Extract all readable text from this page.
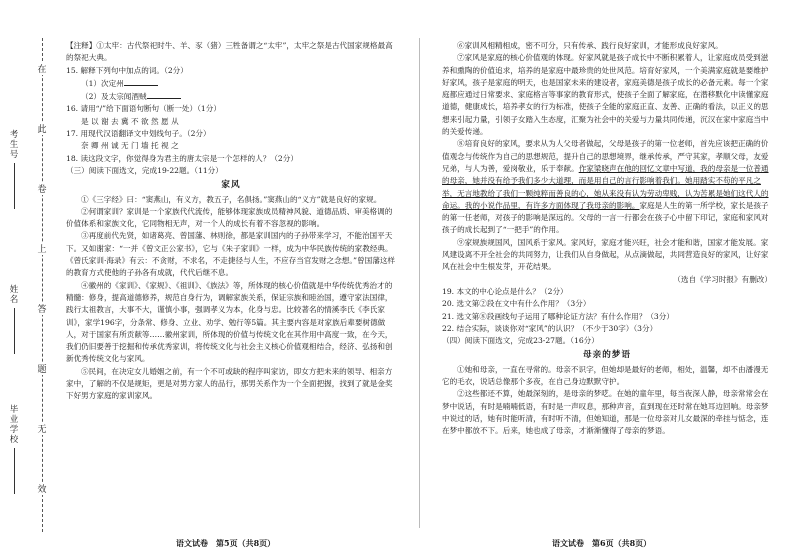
在
此
卷
上
答
题
无
效
考生号
姓名
毕业学校

【注释】①太牢：古代祭祀时牛、羊、豕（猪）三牲备谓之“太牢”，太牢之祭是古代国家规格最高的祭祀大典。

15. 解释下列句中加点的词。（2分）

（1）次定州

（2）及太宗闻酒贼

16. 请用“/”给下面语句断句（断一处）（1分）

是 以 谢 去 冀 不 欲 然 愿 从

17. 用现代汉语翻译文中划线句子。（2分）

奈 卿 州 诚 无 门 墙 托 视 之

18. 读这段文字，你觉得身为君主的唐太宗是一个怎样的人？（2分）

（三）阅读下面选文，完成19-22题。（11分）

家风

①《三字经》曰：“窦燕山，有义方，教五子，名俱扬。”窦燕山的“义方”就是良好的家规。

②何谓家训？家训是一个家族代代流传，能够体现家族成员精神风貌、道德品质、审美格调的价值体系和家族文化，它同物相无声，对一个人的成长有着不容忽视的影响。

③再度前代先贤，如诸葛亮、曾国藩、林则徐，都是家训国内的子孙带来学习，不能治国平天下。又如谢家：“一并《曾文正公家书》，它与《朱子家训》一样，成为中华民族传统的家教经典。《曾氏家训·海录》有云：不贪财，不求名，不走捷径与人生，不应存当官发财之念想。”曾国藩这样的教育方式使他的子孙各有成就，代代后继不息。

④徽州的《家训》、《家规》、《祖训》、《族法》等，所体现的核心价值就是中华传统优秀治才的精髓：修身，提高道德修养，规范自身行为，调解家族关系，保证宗族和睦治国，遵守家法国律，践行太祖教言，大事不大，谨慎小事，强调孝义为本，化身与忠。比较著名的情溪李氏《李氏家训》，家学196字，分条常、修身、立业、劝学、勉行等5篇。其主要内容是对家族后辈要树德做人，对于国家有所贡献等……徽州家训，所体现的价值与传统文化在其作用中高度一致，在今天，我们仍旧要善于挖掘和传承优秀家训，将传统文化与社会主义核心价值观相结合，经济、弘扬和创新优秀传统文化与家风。

⑤民间，在决定女儿婚姻之前，有一个不可或缺的程序叫家访，即女方把未来的领导、相亲方家中，了解的不仅是规矩，更是对男方家人的品行，那男关系作为一个全面把握，找到了就是金奖下好男方家庭的家训家风。

⑥家训风相精相成，密不可分，只有传承、践行良好家训，才能形成良好家风。

⑦家风是家庭的核心价值观的体现。好家风就是孩子成长中不断积累着人，让家庭成员受到滋养和熏陶的价值追求，培养的是家庭中最珍贵的处世风范。培育好家风，一个美满家庭就是要维护好家风，孩子是家庭的明天，也是国家未来的建设者，家庭美德是孩子成长的必备元素。每一个家庭都应通过日常要求、家庭格言等事家的教育形式，使孩子全面了解家庭，在潜移默化中读懂家庭道德，健康成长，培养孝女的行为标准，使孩子全能的家庭正直、友善、正确的看法，以正义的思想来引起力量，引领子女踏入生态度，汇聚为社会中的关爱与力量共同传递，沉汉在家中家庭当中的关爱传递。

⑧培育良好的家风，要求从为人父母者做起，父母是孩子的第一位老师，首先应该把正确的价值观念与传统作为自己的思想规范，提升自己的思想境界，继承传承，严守其家，孝顺父母，友爱兄弟，与人为善，爱岗敬业，乐于奉献。作家梁晓声在他的回忆文章中写道，我的母亲是一位普通的母亲，她并没有给予我们多少大道理，而是用自己的言行影响着我们。她用踏实不苟的平凡之举，无言地教给了我们一颗纯粹而善良的心，她从来没有认为劳动卑贱，认为苦累是她们这代人的命运。我的小说作品里，有许多方面体现了我母亲的影响。家庭是人生的第一所学校，家长是孩子的第一任老师，对孩子的影响是深远的。父母的一言一行都会在孩子心中留下印记，家庭和家风对孩子的成长起到了“一把手”的作用。

⑨家规族规国风，国风系于家风。家风好，家庭才能兴旺，社会才能和谐，国家才能发展。家风建设离不开全社会的共同努力，让我们从自身做起，从点滴做起，共同营造良好的家风，让好家风在社会中生根发芽，开花结果。

（选自《学习时报》有删改）

19. 本文的中心论点是什么？（2分）

20. 选文第②段在文中有什么作用？（3分）

21. 选文第⑧段画线句子运用了哪种论证方法？有什么作用？（3分）

22. 结合实际，谈谈你对“家风”的认识？（不少于30字）（3分）

（四）阅读下面选文，完成23-27题。（16分）

母亲的梦语

①她和母亲，一直在寻常的。母亲不识字，但她却是最好的老师，相处，温馨，却不由潘漫无它的毛衣，说话总像那个多夜，在自己身边默默守护。

②这些都还不算，她最深刻的，是母亲的梦呓。在她的童年里，每当夜深人静，母亲常常会在梦中说话，有时是喃喃低语，有时是一声叹息，那种声音，直到现在还时常在她耳边回响。母亲梦中说过的话，她有时能听清，有时听不清，但她知道，那是一位母亲对儿女最深的牵挂与惦念，连在梦中都放不下。后来，她也成了母亲，才渐渐懂得了母亲的梦语。

语文试卷　第5页（共8页）	语文试卷　第6页（共8页）
